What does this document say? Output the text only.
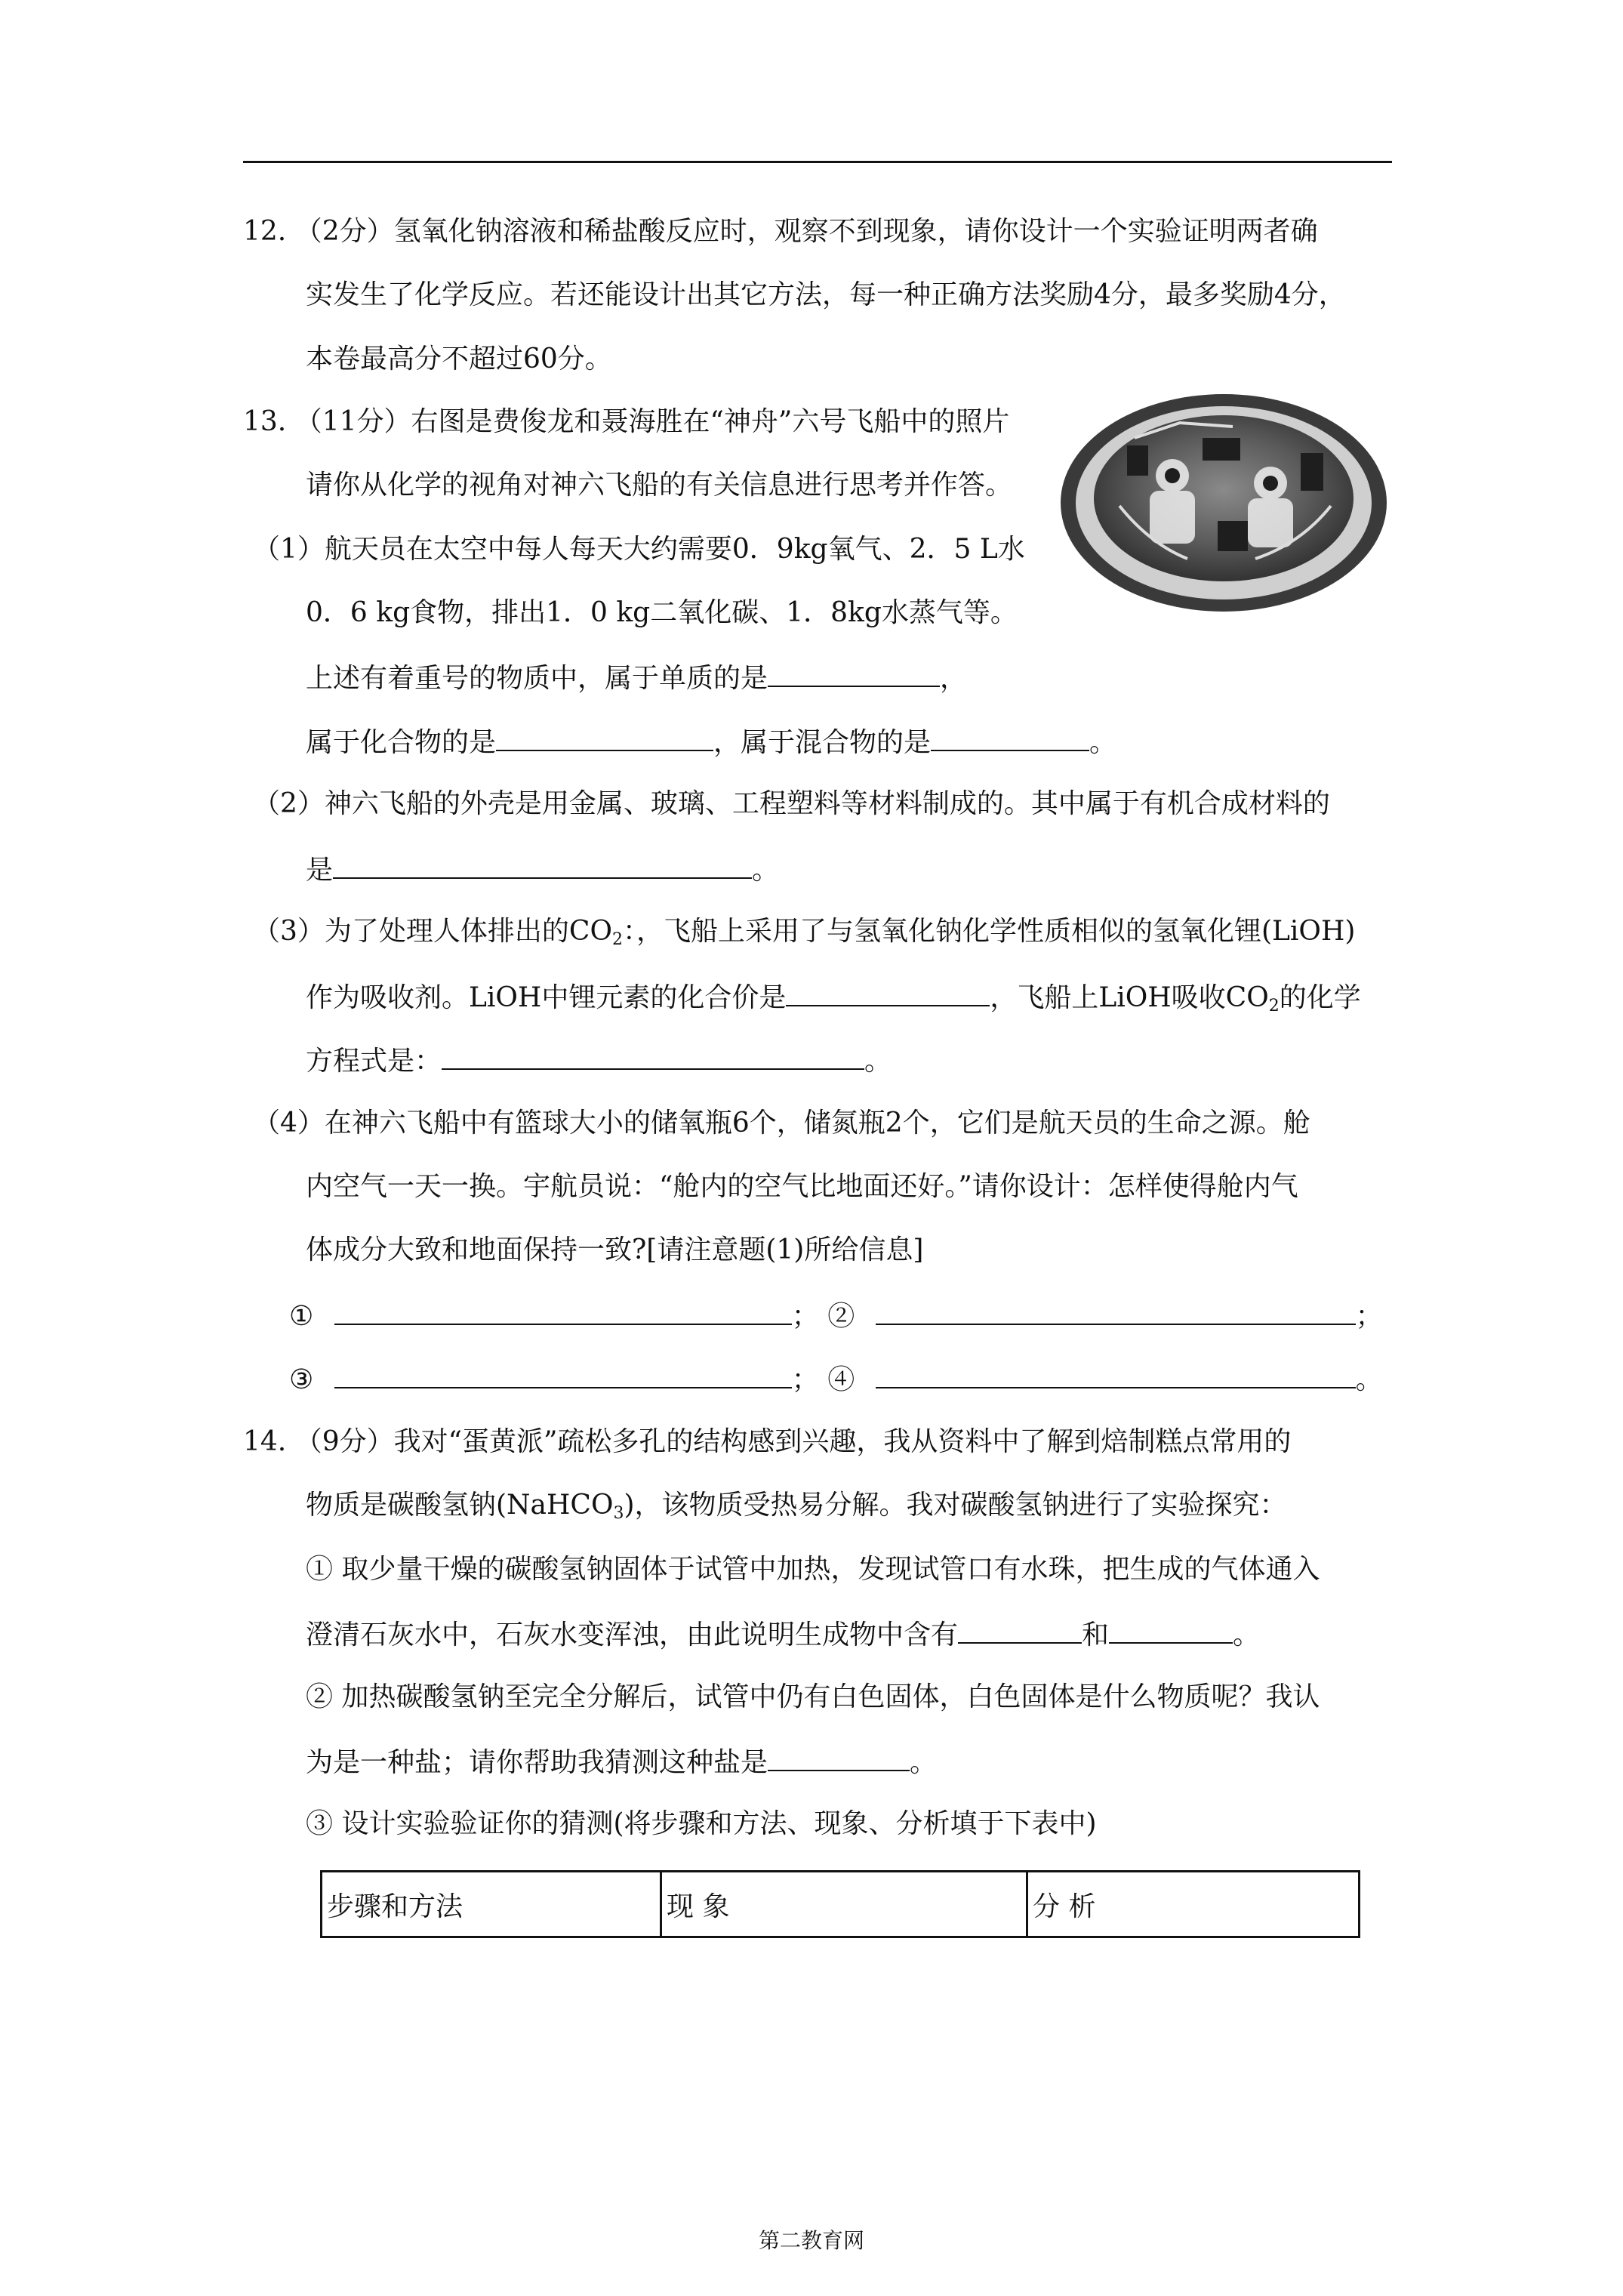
12. （2分）氢氧化钠溶液和稀盐酸反应时，观察不到现象，请你设计一个实验证明两者确
实发生了化学反应。若还能设计出其它方法，每一种正确方法奖励4分，最多奖励4分，
本卷最高分不超过60分。
13. （11分）右图是费俊龙和聂海胜在“神舟”六号飞船中的照片
请你从化学的视角对神六飞船的有关信息进行思考并作答。
（1）航天员在太空中每人每天大约需要0．9kg氧气、2．5 L水
0．6 kg食物，排出1．0 kg二氧化碳、1．8kg水蒸气等。
上述有着重号的物质中，属于单质的是	，
属于化合物的是	，属于混合物的是	。
（2）神六飞船的外壳是用金属、玻璃、工程塑料等材料制成的。其中属于有机合成材料的
是	。
（3）为了处理人体排出的$CO_2$：，飞船上采用了与氢氧化钠化学性质相似的氢氧化锂(LiOH)
作为吸收剂。LiOH中锂元素的化合价是	，飞船上LiOH吸收$CO_2$的化学
方程式是：	。
（4）在神六飞船中有篮球大小的储氧瓶6个，储氮瓶2个，它们是航天员的生命之源。舱
内空气一天一换。宇航员说：“舱内的空气比地面还好。”请你设计：怎样使得舱内气
体成分大致和地面保持一致?[请注意题(1)所给信息]
①	； ②	；
③	； ④	。
14. （9分）我对“蛋黄派”疏松多孔的结构感到兴趣，我从资料中了解到焙制糕点常用的
物质是碳酸氢钠(NaHCO$_3$)，该物质受热易分解。我对碳酸氢钠进行了实验探究：
① 取少量干燥的碳酸氢钠固体于试管中加热，发现试管口有水珠，把生成的气体通入
澄清石灰水中，石灰水变浑浊，由此说明生成物中含有	和	。
② 加热碳酸氢钠至完全分解后，试管中仍有白色固体，白色固体是什么物质呢？我认
为是一种盐；请你帮助我猜测这种盐是	。
③ 设计实验验证你的猜测(将步骤和方法、现象、分析填于下表中)
步骤和方法	现 象	分 析
第二教育网
